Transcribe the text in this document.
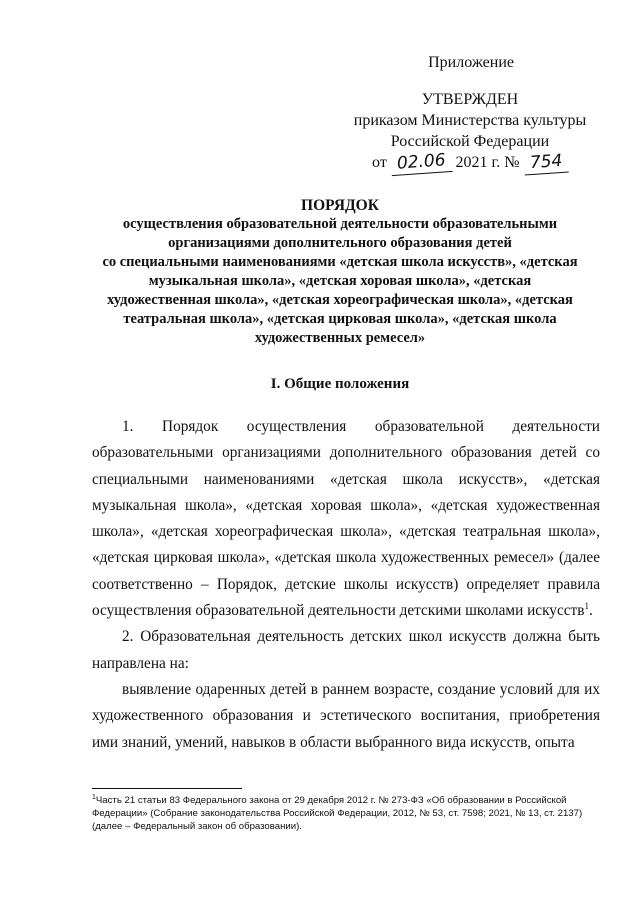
Приложение
УТВЕРЖДЕН
приказом Министерства культуры
Российской Федерации
от 02.06 2021 г. № 754
ПОРЯДОК
осуществления образовательной деятельности образовательными
организациями дополнительного образования детей
со специальными наименованиями «детская школа искусств», «детская
музыкальная школа», «детская хоровая школа», «детская
художественная школа», «детская хореографическая школа», «детская
театральная школа», «детская цирковая школа», «детская школа
художественных ремесел»
I. Общие положения

1. Порядок осуществления образовательной деятельности образовательными организациями дополнительного образования детей со специальными наименованиями «детская школа искусств», «детская музыкальная школа», «детская хоровая школа», «детская художественная школа», «детская хореографическая школа», «детская театральная школа», «детская цирковая школа», «детская школа художественных ремесел» (далее соответственно – Порядок, детские школы искусств) определяет правила осуществления образовательной деятельности детскими школами искусств$^1$.

2. Образовательная деятельность детских школ искусств должна быть направлена на:

выявление одаренных детей в раннем возрасте, создание условий для их художественного образования и эстетического воспитания, приобретения ими знаний, умений, навыков в области выбранного вида искусств, опыта

$^1$Часть 21 статьи 83 Федерального закона от 29 декабря 2012 г. № 273-ФЗ «Об образовании в Российской Федерации» (Собрание законодательства Российской Федерации, 2012, № 53, ст. 7598; 2021, № 13, ст. 2137) (далее – Федеральный закон об образовании).
